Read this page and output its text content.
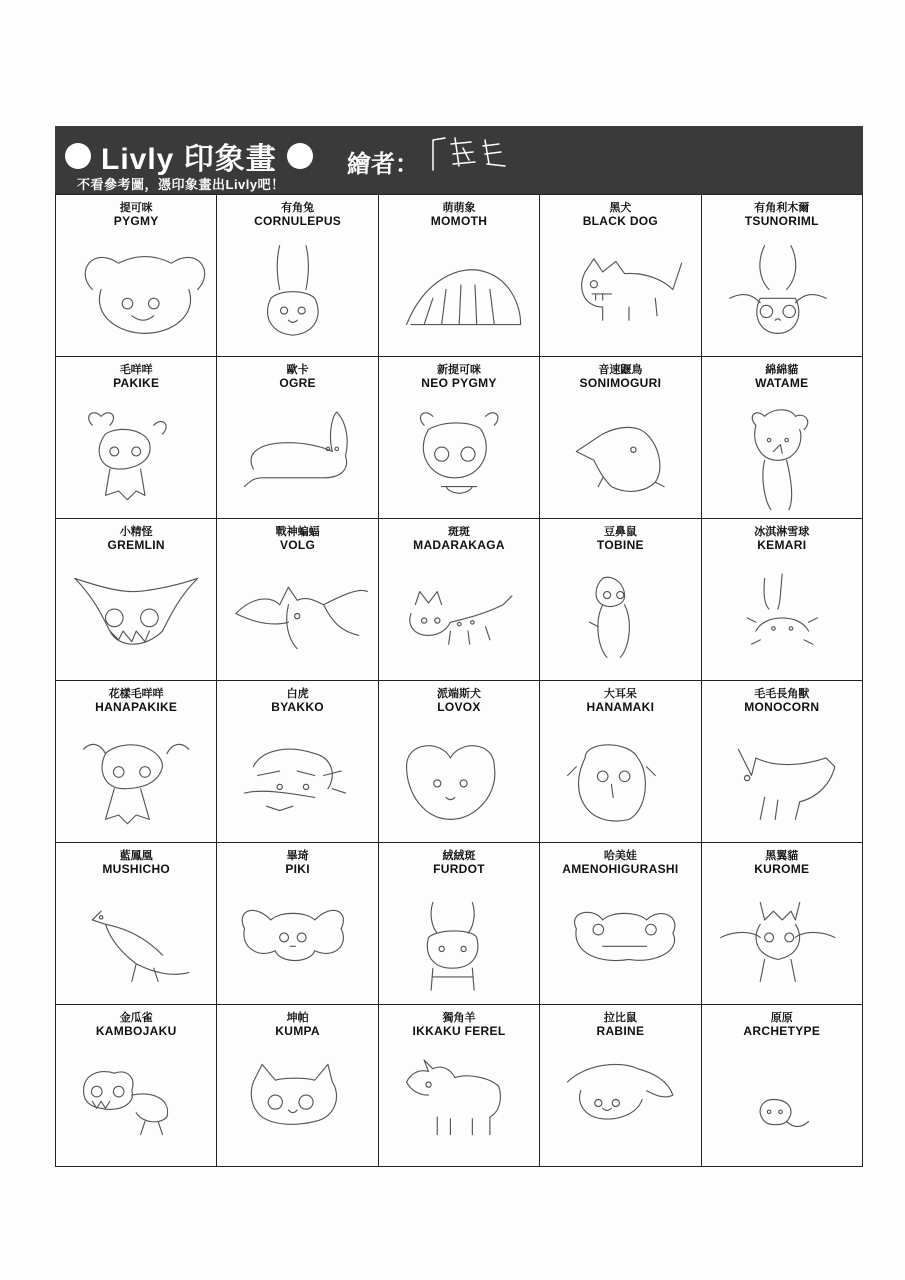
Livly 印象畫	繪者：
不看參考圖，憑印象畫出Livly吧！
提可咪
PYGMY
有角兔
CORNULEPUS
萌萌象
MOMOTH
黑犬
BLACK DOG
有角利木爾
TSUNORIML
毛咩咩
PAKIKE
歐卡
OGRE
新提可咪
NEO PYGMY
音速鼴鳥
SONIMOGURI
綿綿貓
WATAME
小精怪
GREMLIN
戰神蝙蝠
VOLG
斑斑
MADARAKAGA
豆鼻鼠
TOBINE
冰淇淋雪球
KEMARI
花樣毛咩咩
HANAPAKIKE
白虎
BYAKKO
派端斯犬
LOVOX
大耳呆
HANAMAKI
毛毛長角獸
MONOCORN
藍鳳凰
MUSHICHO
畢琦
PIKI
絨絨斑
FURDOT
哈美娃
AMENOHIGURASHI
黑翼貓
KUROME
金瓜雀
KAMBOJAKU
坤帕
KUMPA
獨角羊
IKKAKU FEREL
拉比鼠
RABINE
原原
ARCHETYPE
